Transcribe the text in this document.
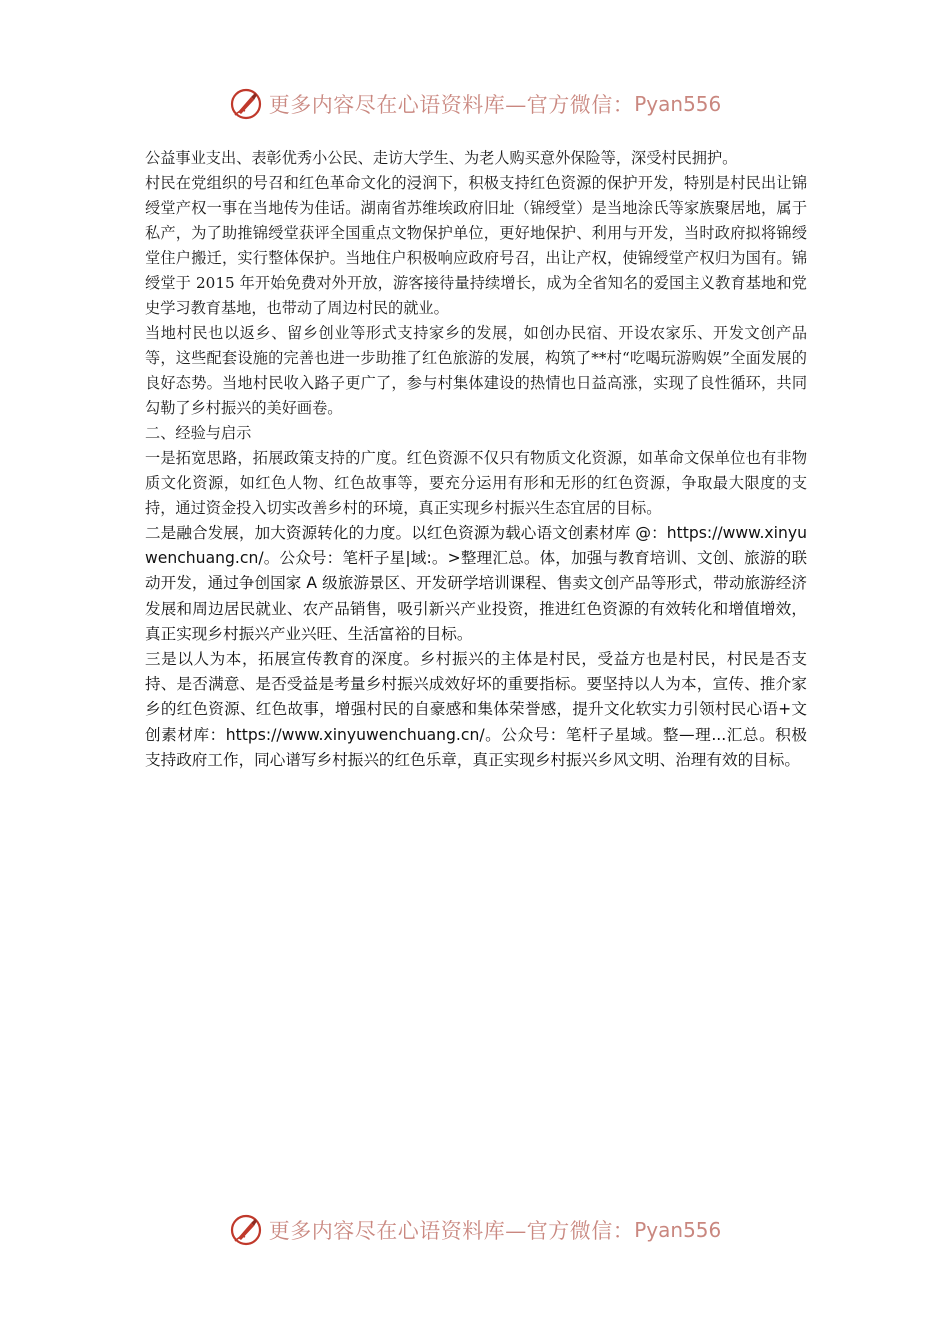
更多内容尽在心语资料库—官方微信： Pyan556

公益事业支出、表彰优秀小公民、走访大学生、为老人购买意外保险等，深受村民拥护。

村民在党组织的号召和红色革命文化的浸润下，积极支持红色资源的保护开发，特别是村民出让锦绶堂产权一事在当地传为佳话。湖南省苏维埃政府旧址（锦绶堂）是当地涂氏等家族聚居地，属于私产，为了助推锦绶堂获评全国重点文物保护单位，更好地保护、利用与开发，当时政府拟将锦绶堂住户搬迁，实行整体保护。当地住户积极响应政府号召，出让产权，使锦绶堂产权归为国有。锦绶堂于 2015 年开始免费对外开放，游客接待量持续增长，成为全省知名的爱国主义教育基地和党史学习教育基地，也带动了周边村民的就业。

当地村民也以返乡、留乡创业等形式支持家乡的发展，如创办民宿、开设农家乐、开发文创产品等，这些配套设施的完善也进一步助推了红色旅游的发展，构筑了**村“吃喝玩游购娱”全面发展的良好态势。当地村民收入路子更广了，参与村集体建设的热情也日益高涨，实现了良性循环，共同勾勒了乡村振兴的美好画卷。

二、经验与启示

一是拓宽思路，拓展政策支持的广度。红色资源不仅只有物质文化资源，如革命文保单位也有非物质文化资源，如红色人物、红色故事等，要充分运用有形和无形的红色资源，争取最大限度的支持，通过资金投入切实改善乡村的环境，真正实现乡村振兴生态宜居的目标。

二是融合发展，加大资源转化的力度。以红色资源为载心语文创素材库 @：https://www.xinyuwenchuang.cn/。公众号：笔杆子星|域:。>整理汇总。体，加强与教育培训、文创、旅游的联动开发，通过争创国家 A 级旅游景区、开发研学培训课程、售卖文创产品等形式，带动旅游经济发展和周边居民就业、农产品销售，吸引新兴产业投资，推进红色资源的有效转化和增值增效，真正实现乡村振兴产业兴旺、生活富裕的目标。

三是以人为本，拓展宣传教育的深度。乡村振兴的主体是村民，受益方也是村民，村民是否支持、是否满意、是否受益是考量乡村振兴成效好坏的重要指标。要坚持以人为本，宣传、推介家乡的红色资源、红色故事，增强村民的自豪感和集体荣誉感，提升文化软实力引领村民心语+文创素材库：https://www.xinyuwenchuang.cn/。公众号：笔杆子星域。整—理...汇总。积极支持政府工作，同心谱写乡村振兴的红色乐章，真正实现乡村振兴乡风文明、治理有效的目标。

更多内容尽在心语资料库—官方微信： Pyan556
